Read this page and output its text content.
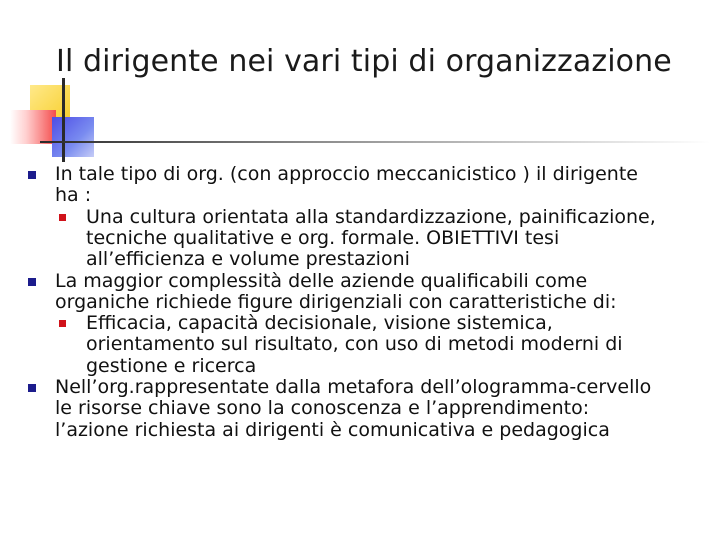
Il dirigente nei vari tipi di organizzazione
In tale tipo di org. (con approccio meccanicistico ) il dirigente
ha :
Una cultura orientata alla standardizzazione, painificazione,
tecniche qualitative e org. formale. OBIETTIVI tesi
all’efficienza e volume prestazioni
La maggior complessità delle aziende qualificabili come
organiche richiede figure dirigenziali con caratteristiche di:
Efficacia, capacità decisionale, visione sistemica,
orientamento sul risultato, con uso di metodi moderni di
gestione e ricerca
Nell’org.rappresentate dalla metafora dell’ologramma-cervello
le risorse chiave sono la conoscenza e l’apprendimento:
l’azione richiesta ai dirigenti è comunicativa e pedagogica
